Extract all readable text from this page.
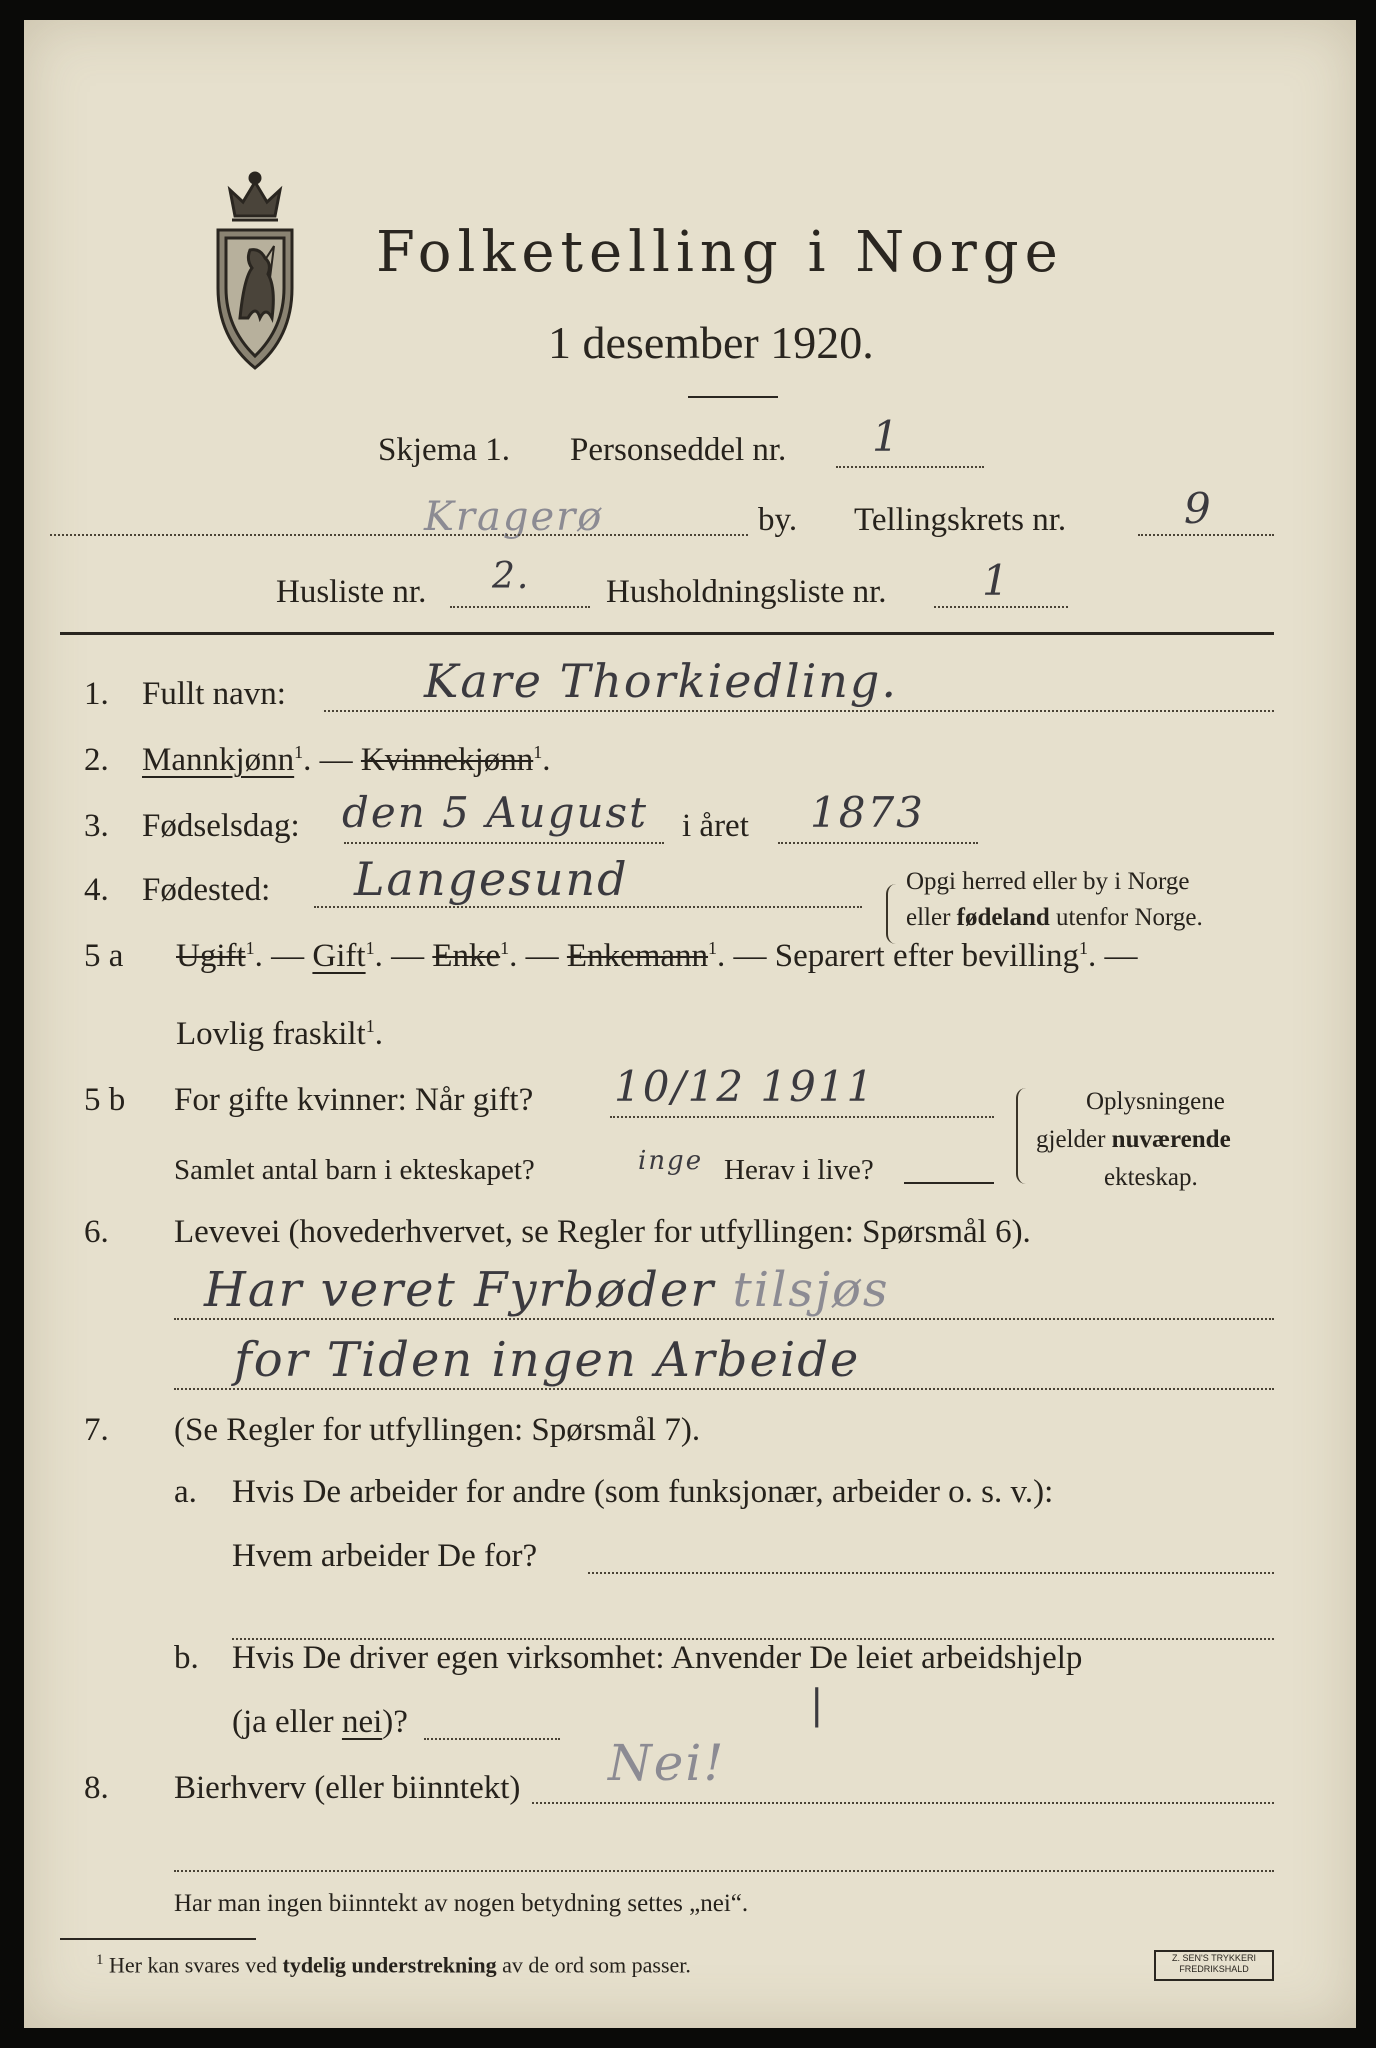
Folketelling i Norge
1 desember 1920.
Skjema 1. Personseddel nr. 1
Kragerø	by. Tellingskrets nr.	9
Husliste nr. 2. Husholdningsliste nr. 1
1. Fullt navn:	Kare Thorkiedling.
2. Mannkjønn$^1$. — Kvinnekjønn$^1$.
3. Fødselsdag: den 5 August i året 1873
4. Fødested: Langesund	Opgi herred eller by i Norge
eller fødeland utenfor Norge.
5 a Ugift$^1$. — Gift$^1$. — Enke$^1$. — Enkemann$^1$. — Separert efter bevilling$^1$. —
Lovlig fraskilt$^1$.
5 b For gifte kvinner: Når gift? 10/12 1911
Samlet antal barn i ekteskapet?	inge Herav i live?
Oplysningene
gjelder nuværende
ekteskap.
6. Levevei (hovederhvervet, se Regler for utfyllingen: Spørsmål 6).
Har veret Fyrbøder tilsjøs
for Tiden ingen Arbeide
7. (Se Regler for utfyllingen: Spørsmål 7).
a. Hvis De arbeider for andre (som funksjonær, arbeider o. s. v.):
Hvem arbeider De for?
b. Hvis De driver egen virksomhet: Anvender De leiet arbeidshjelp
(ja eller nei)?	|
8. Bierhverv (eller biinntekt) Nei!
Har man ingen biinntekt av nogen betydning settes „nei“.
$^1$ Her kan svares ved tydelig understrekning av de ord som passer.	Z. SEN'S TRYKKERI
FREDRIKSHALD
